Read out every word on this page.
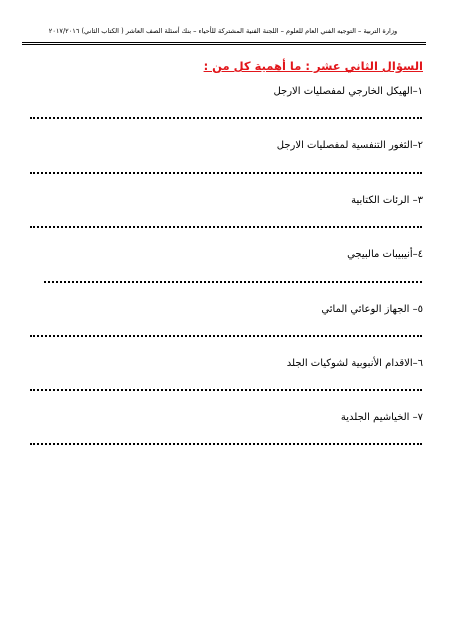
وزارة التربية – التوجيه الفني العام للعلوم – اللجنة الفنية المشتركة للأحياء – بنك أسئلة الصف العاشر ( الكتاب الثاني) ٢٠١٧/٢٠١٦
السؤال الثاني عشر : ما أهمية كل من :
١–الهيكل الخارجي لمفصليات الارجل
٢–الثغور التنفسية لمفصليات الارجل
٣– الرئات الكتابية
٤–أنيبيبات مالبيجي
٥– الجهاز الوعائي المائي
٦–الاقدام الأنبوبية لشوكيات الجلد
٧– الخياشيم الجلدية
